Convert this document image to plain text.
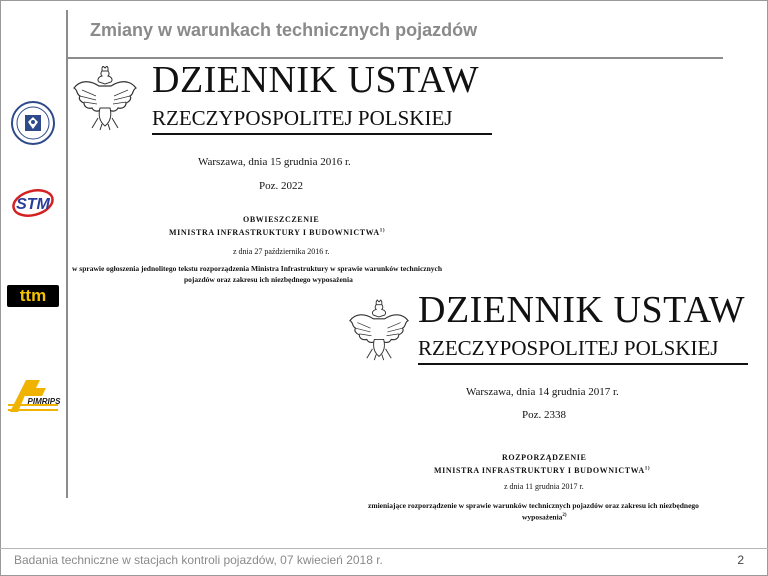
Zmiany w warunkach technicznych pojazdów
STM
ttm
PIMRIPS
DZIENNIK USTAW
RZECZYPOSPOLITEJ POLSKIEJ
Warszawa, dnia 15 grudnia 2016 r.
Poz. 2022
OBWIESZCZENIE
MINISTRA INFRASTRUKTURY I BUDOWNICTWA$^{1)}$
z dnia 27 października 2016 r.
w sprawie ogłoszenia jednolitego tekstu rozporządzenia Ministra Infrastruktury w sprawie warunków technicznych
pojazdów oraz zakresu ich niezbędnego wyposażenia
DZIENNIK USTAW
RZECZYPOSPOLITEJ POLSKIEJ
Warszawa, dnia 14 grudnia 2017 r.
Poz. 2338
ROZPORZĄDZENIE
MINISTRA INFRASTRUKTURY I BUDOWNICTWA$^{1)}$
z dnia 11 grudnia 2017 r.
zmieniające rozporządzenie w sprawie warunków technicznych pojazdów oraz zakresu ich niezbędnego
wyposażenia$^{2)}$
Badania techniczne w stacjach kontroli pojazdów, 07 kwiecień 2018 r.	2
